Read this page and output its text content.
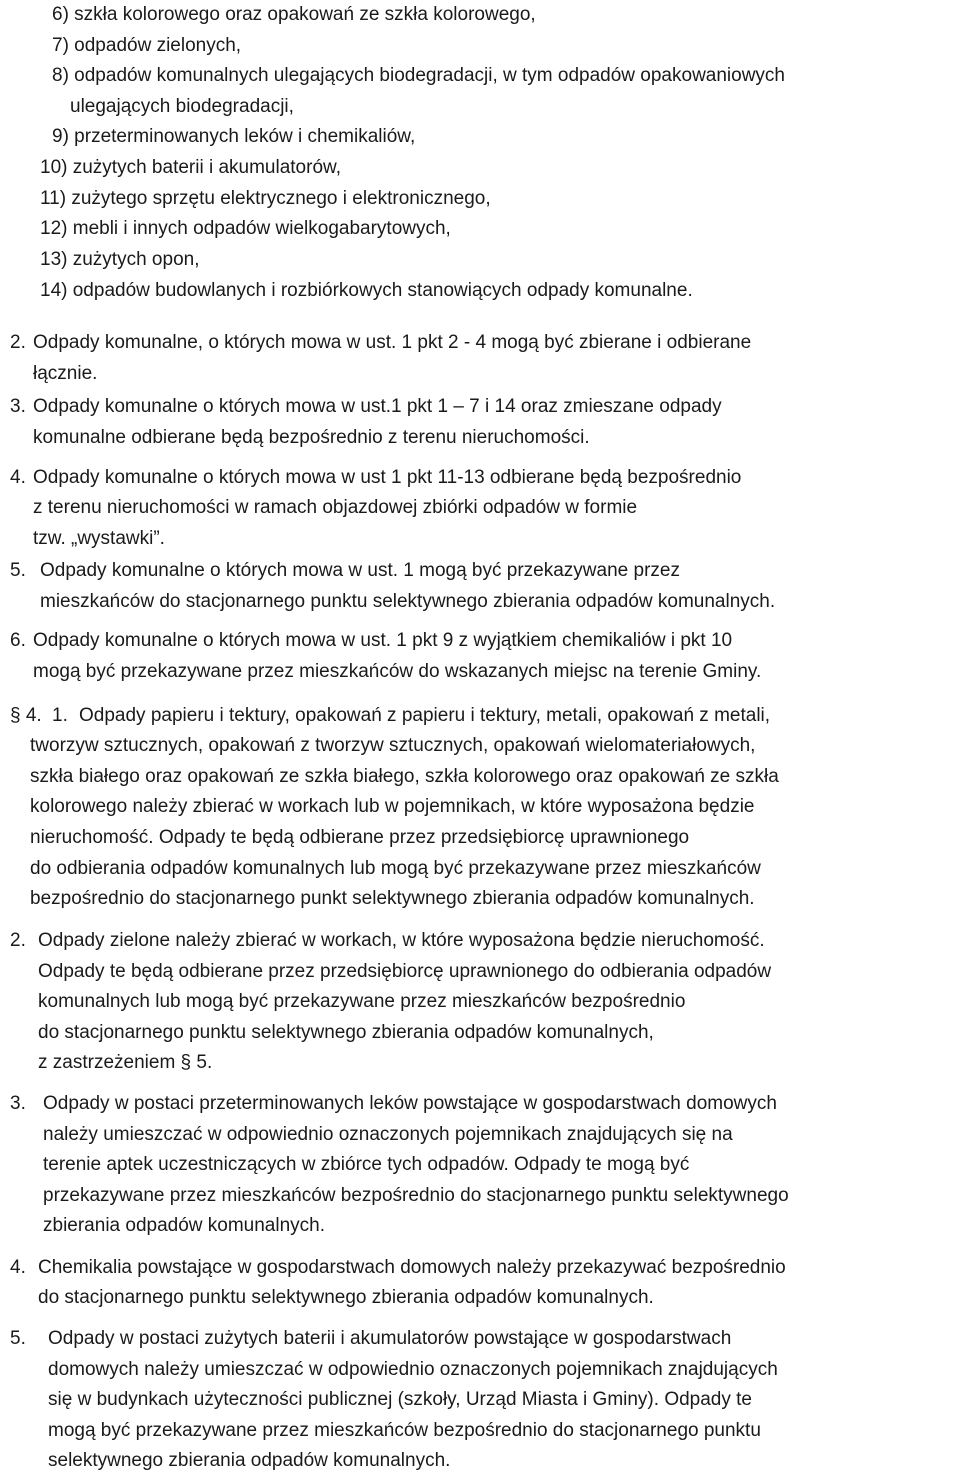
6) szkła kolorowego oraz opakowań ze szkła kolorowego,
7) odpadów zielonych,
8) odpadów komunalnych ulegających biodegradacji, w tym odpadów opakowaniowych
ulegających biodegradacji,
9) przeterminowanych leków i chemikaliów,
10) zużytych baterii i akumulatorów,
11) zużytego sprzętu elektrycznego i elektronicznego,
12) mebli i innych odpadów wielkogabarytowych,
13) zużytych opon,
14) odpadów budowlanych i rozbiórkowych stanowiących odpady komunalne.
2. Odpady komunalne, o których mowa w ust. 1 pkt 2 - 4 mogą być zbierane i odbierane
łącznie.
3. Odpady komunalne o których mowa w ust.1 pkt 1 – 7 i 14 oraz zmieszane odpady
komunalne odbierane będą bezpośrednio z terenu nieruchomości.
4. Odpady komunalne o których mowa w ust 1 pkt 11-13 odbierane będą bezpośrednio
z terenu nieruchomości w ramach objazdowej zbiórki odpadów w formie
tzw. „wystawki”.
5. Odpady komunalne o których mowa w ust. 1 mogą być przekazywane przez
mieszkańców do stacjonarnego punktu selektywnego zbierania odpadów komunalnych.
6. Odpady komunalne o których mowa w ust. 1 pkt 9 z wyjątkiem chemikaliów i pkt 10
mogą być przekazywane przez mieszkańców do wskazanych miejsc na terenie Gminy.
§ 4. 1. Odpady papieru i tektury, opakowań z papieru i tektury, metali, opakowań z metali,
tworzyw sztucznych, opakowań z tworzyw sztucznych, opakowań wielomateriałowych,
szkła białego oraz opakowań ze szkła białego, szkła kolorowego oraz opakowań ze szkła
kolorowego należy zbierać w workach lub w pojemnikach, w które wyposażona będzie
nieruchomość. Odpady te będą odbierane przez przedsiębiorcę uprawnionego
do odbierania odpadów komunalnych lub mogą być przekazywane przez mieszkańców
bezpośrednio do stacjonarnego punkt selektywnego zbierania odpadów komunalnych.
2. Odpady zielone należy zbierać w workach, w które wyposażona będzie nieruchomość.
Odpady te będą odbierane przez przedsiębiorcę uprawnionego do odbierania odpadów
komunalnych lub mogą być przekazywane przez mieszkańców bezpośrednio
do stacjonarnego punktu selektywnego zbierania odpadów komunalnych,
z zastrzeżeniem § 5.
3. Odpady w postaci przeterminowanych leków powstające w gospodarstwach domowych
należy umieszczać w odpowiednio oznaczonych pojemnikach znajdujących się na
terenie aptek uczestniczących w zbiórce tych odpadów. Odpady te mogą być
przekazywane przez mieszkańców bezpośrednio do stacjonarnego punktu selektywnego
zbierania odpadów komunalnych.
4. Chemikalia powstające w gospodarstwach domowych należy przekazywać bezpośrednio
do stacjonarnego punktu selektywnego zbierania odpadów komunalnych.
5. Odpady w postaci zużytych baterii i akumulatorów powstające w gospodarstwach
domowych należy umieszczać w odpowiednio oznaczonych pojemnikach znajdujących
się w budynkach użyteczności publicznej (szkoły, Urząd Miasta i Gminy). Odpady te
mogą być przekazywane przez mieszkańców bezpośrednio do stacjonarnego punktu
selektywnego zbierania odpadów komunalnych.
